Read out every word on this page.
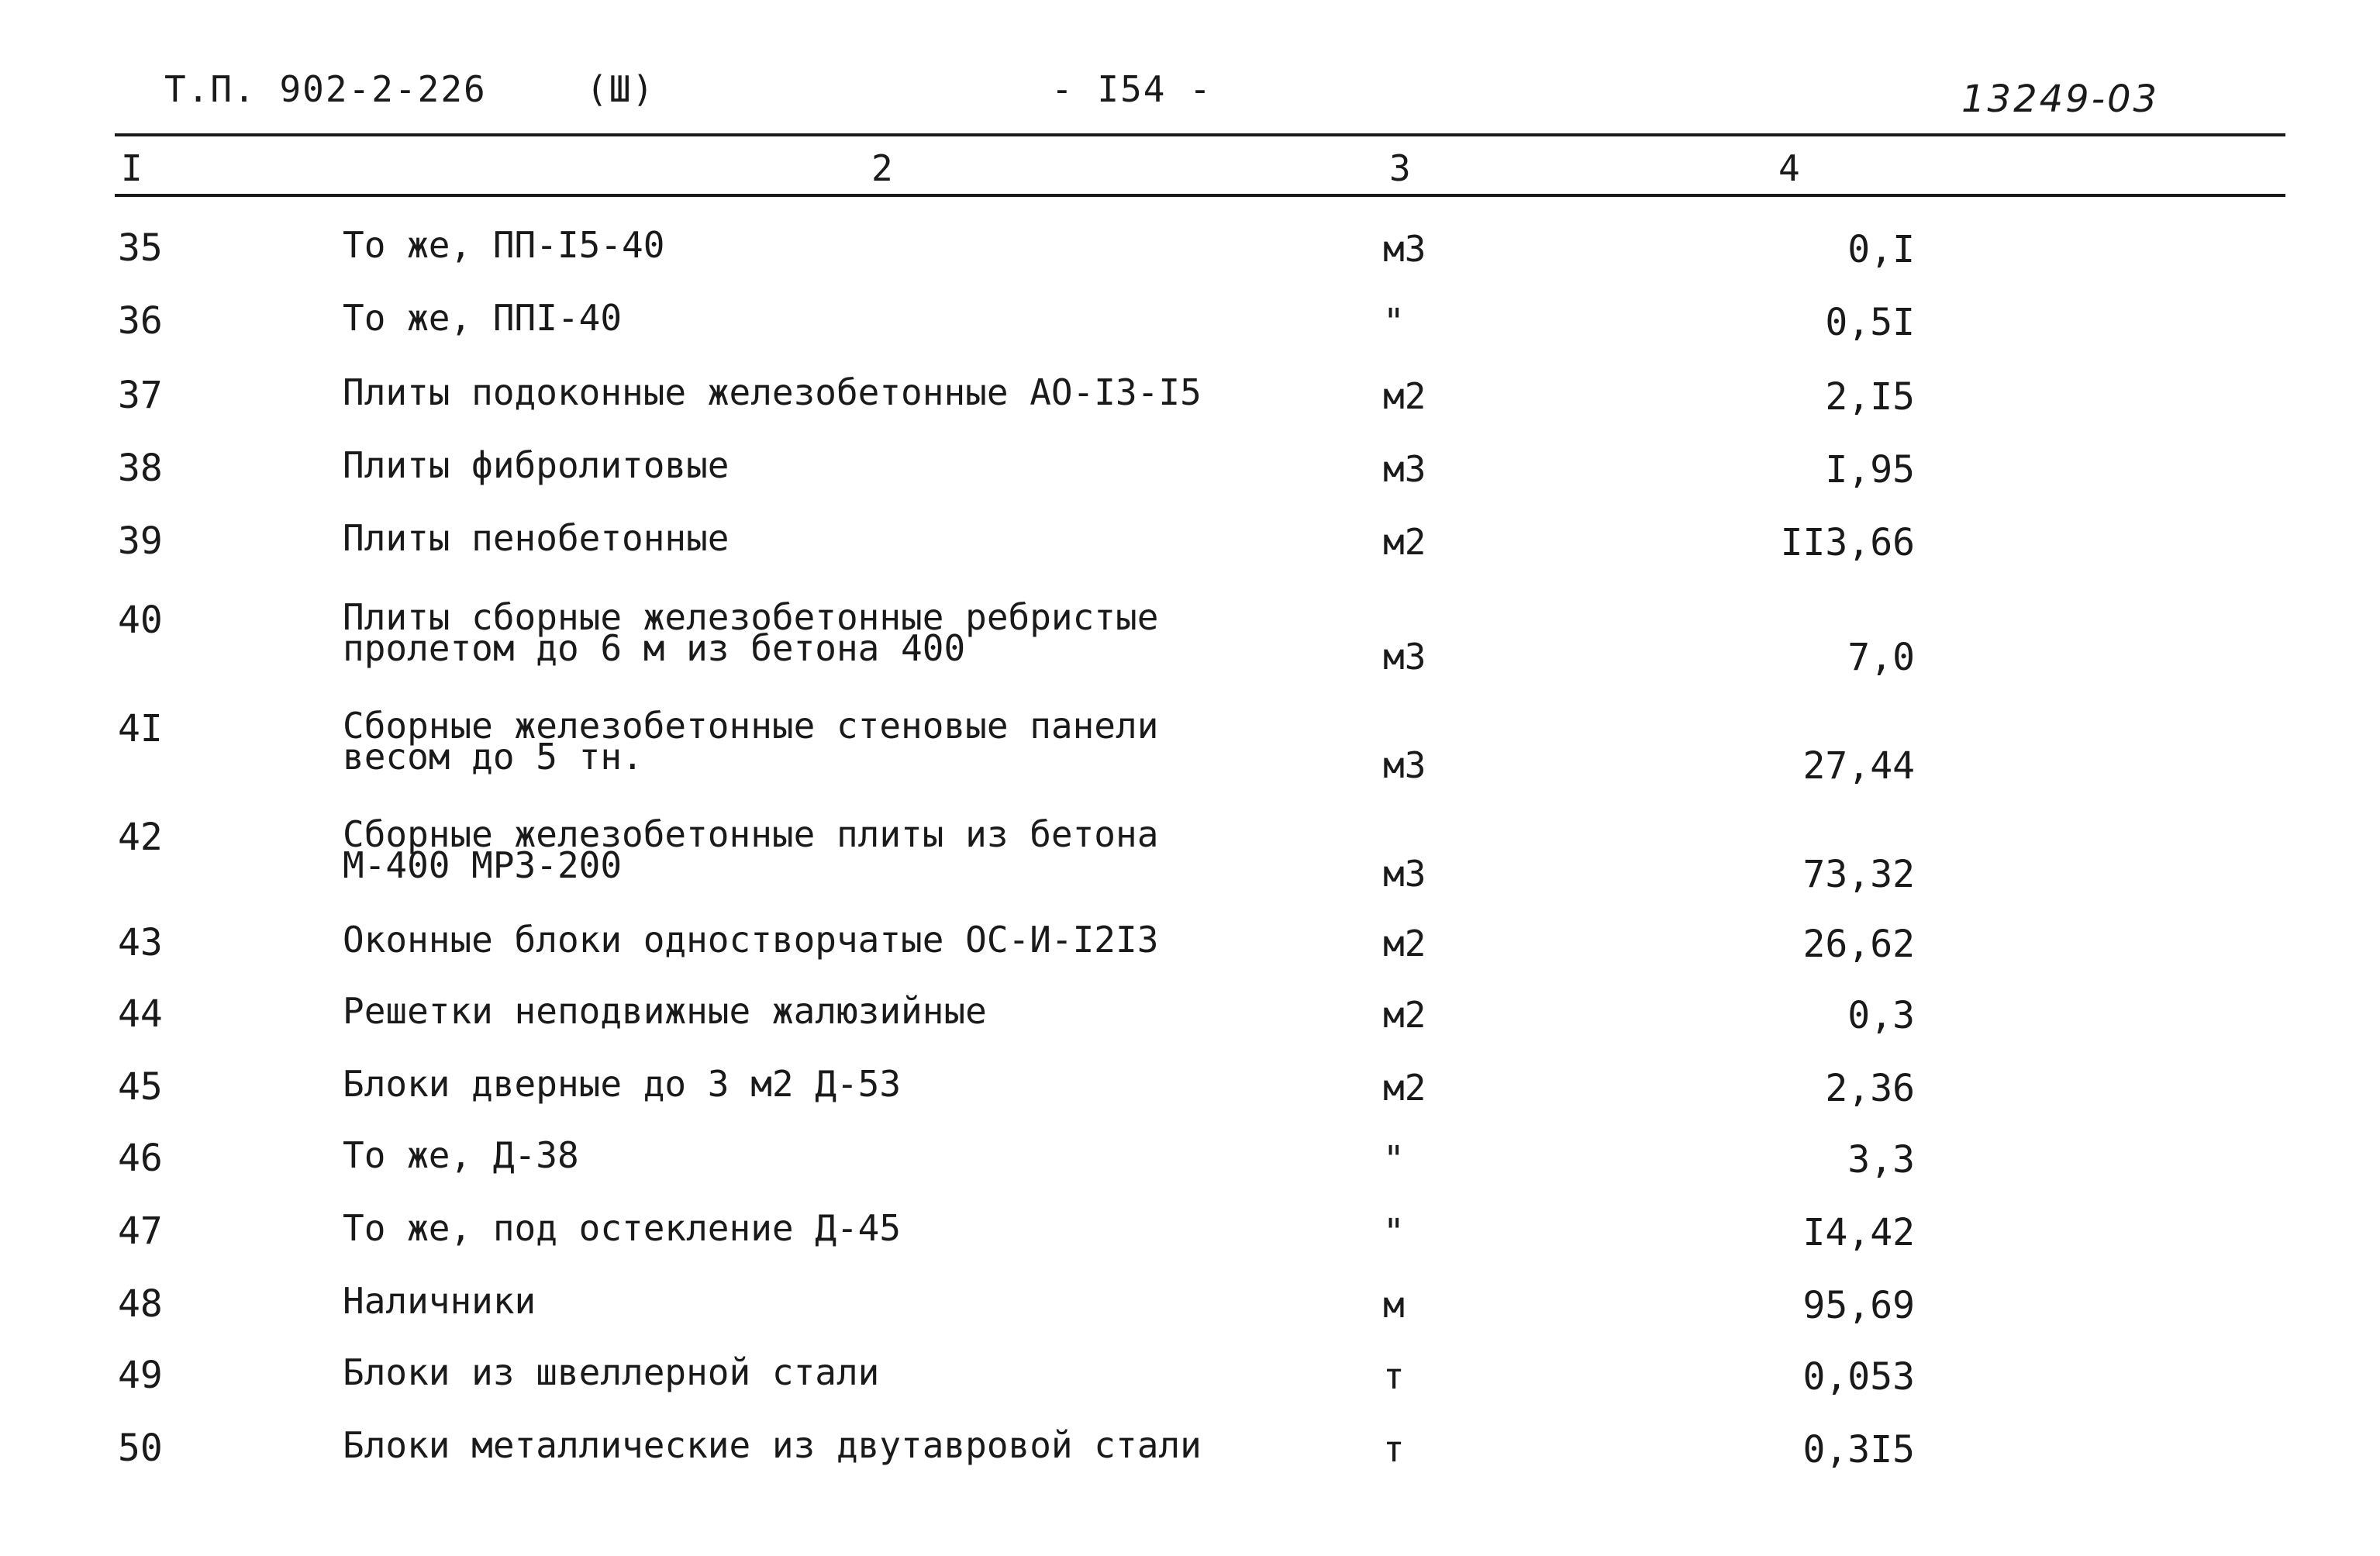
Т.П. 902-2-226	(Ш)	- I54 -	13249-03
I	2	3	4
35	То же, ПП-I5-40	м3	0,I
36	То же, ППI-40	"	0,5I
37	Плиты подоконные железобетонные АО-I3-I5	м2	2,I5
38	Плиты фибролитовые	м3	I,95
39	Плиты пенобетонные	м2	II3,66
40	Плиты сборные железобетонные ребристые
пролетом до 6 м из бетона 400	м3	7,0
4I	Сборные железобетонные стеновые панели
весом до 5 тн.	м3	27,44
42	Сборные железобетонные плиты из бетона
М-400 МРЗ-200	м3	73,32
43	Оконные блоки одностворчатые ОС-И-I2I3	м2	26,62
44	Решетки неподвижные жалюзийные	м2	0,3
45	Блоки дверные до 3 м2 Д-53	м2	2,36
46	То же, Д-38	"	3,3
47	То же, под остекление Д-45	"	I4,42
48	Наличники	м	95,69
49	Блоки из швеллерной стали	т	0,053
50	Блоки металлические из двутавровой стали	т	0,3I5
